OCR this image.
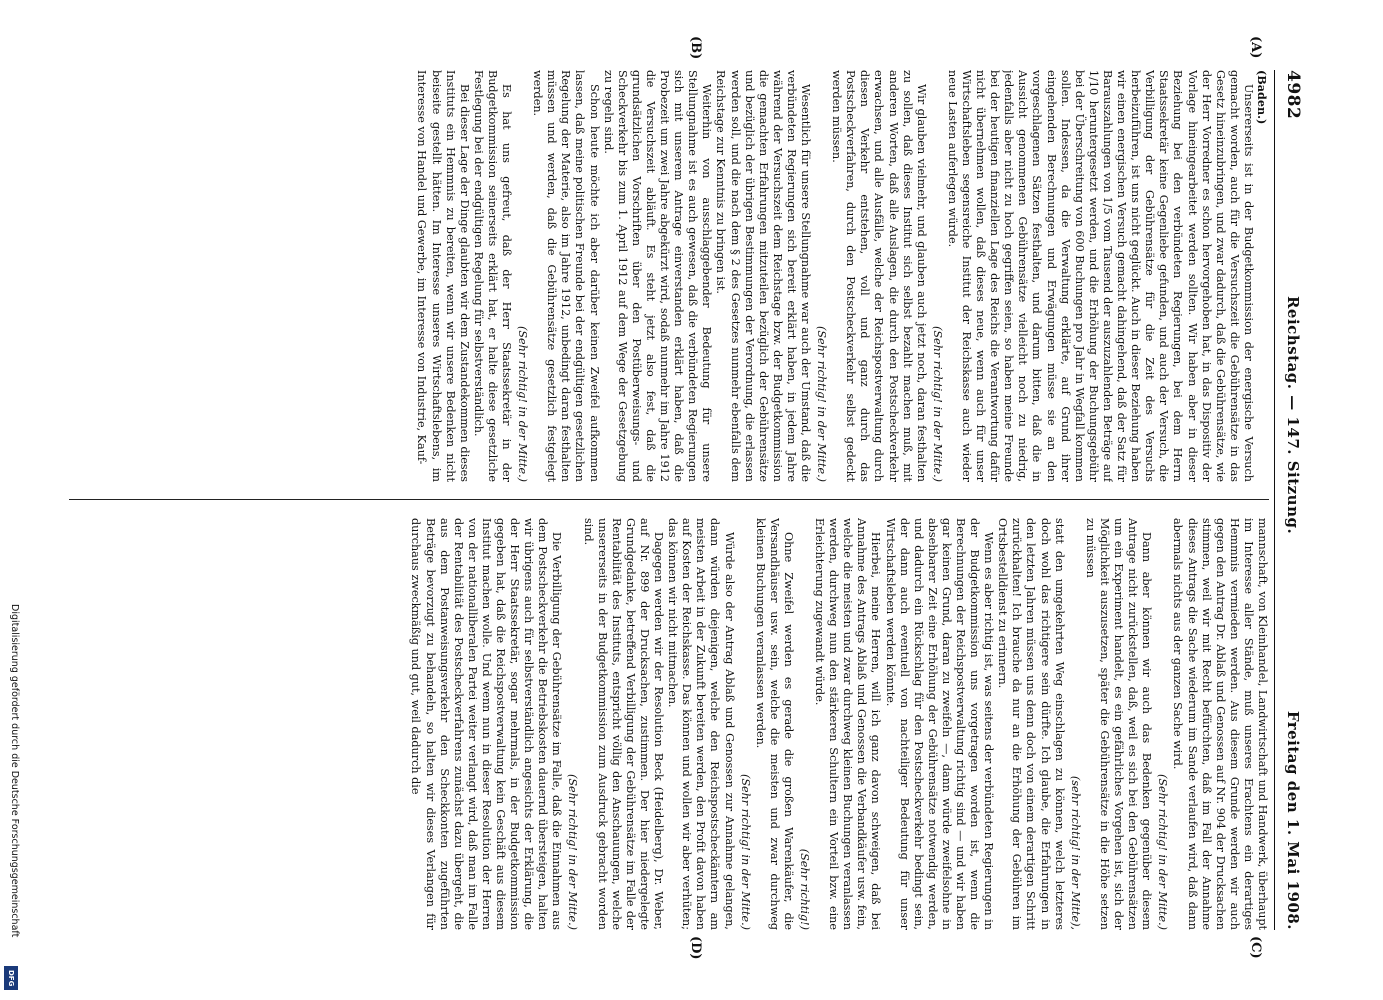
4982
Reichstag. — 147. Sitzung.
Freitag den 1. Mai 1908.
(A)
(B)
(C)
(D)

(Baden.)

Unsererseits ist in der Budgetkommission der energische Versuch gemacht worden, auch für die Versuchszeit die Gebührensätze in das Gesetz hineinzubringen, und zwar dadurch, daß die Gebührensätze, wie der Herr Vorredner es schon hervorgehoben hat, in das Dispositiv der Vorlage hineingearbeitet werden sollten. Wir haben aber in dieser Beziehung bei den verbündeten Regierungen, bei dem Herrn Staatssekretär keine Gegenliebe gefunden, und auch der Versuch, die Verbilligung der Gebührensätze für die Zeit des Versuchs herbeizuführen, ist uns nicht geglückt. Auch in dieser Beziehung haben wir einen energischen Versuch gemacht dahingehend, daß der Satz für Barauszahlungen von 1/5 vom Tausend der auszuzahlenden Beträge auf 1/10 heruntergesetzt werden, und die Erhöhung der Buchungsgebühr bei der Überschreitung von 600 Buchungen pro Jahr in Wegfall kommen sollen. Indessen, da die Verwaltung erklärte, auf Grund ihrer eingehenden Berechnungen und Erwägungen müsse sie an den vorgeschlagenen Sätzen festhalten, und darum bitten, daß die in Aussicht genommenen Gebührensätze vielleicht noch zu niedrig, jedenfalls aber nicht zu hoch gegriffen seien, so haben meine Freunde bei der heutigen finanziellen Lage des Reichs die Verantwortung dafür nicht übernehmen wollen, daß dieses neue, wenn auch für unser Wirtschaftsleben segensreiche Institut der Reichskasse auch wieder neue Lasten auferlegen würde.

(Sehr richtig! in der Mitte.)

Wir glauben vielmehr, und glauben auch jetzt noch, daran festhalten zu sollen, daß dieses Institut sich selbst bezahlt machen muß, mit anderen Worten, daß alle Auslagen, die durch den Postscheckverkehr erwachsen, und alle Ausfälle, welche der Reichspostverwaltung durch diesen Verkehr entstehen, voll und ganz durch das Postscheckverfahren, durch den Postscheckverkehr selbst gedeckt werden müssen.

(Sehr richtig! in der Mitte.)

Wesentlich für unsere Stellungnahme war auch der Umstand, daß die verbündeten Regierungen sich bereit erklärt haben, in jedem Jahre während der Versuchszeit dem Reichstage bzw. der Budgetkommission die gemachten Erfahrungen mitzuteilen bezüglich der Gebührensätze und bezüglich der übrigen Bestimmungen der Verordnung, die erlassen werden soll, und die nach dem § 2 des Gesetzes nunmehr ebenfalls dem Reichstage zur Kenntnis zu bringen ist.

Weiterhin von ausschlaggebender Bedeutung für unsere Stellungnahme ist es auch gewesen, daß die verbündeten Regierungen sich mit unserem Antrage einverstanden erklärt haben, daß die Probezeit um zwei Jahre abgekürzt wird, sodaß nunmehr im Jahre 1912 die Versuchszeit abläuft. Es steht jetzt also fest, daß die grundsätzlichen Vorschriften über den Postüberweisungs- und Scheckverkehr bis zum 1. April 1912 auf dem Wege der Gesetzgebung zu regeln sind.

Schon heute möchte ich aber darüber keinen Zweifel aufkommen lassen, daß meine politischen Freunde bei der endgültigen gesetzlichen Regelung der Materie, also im Jahre 1912, unbedingt daran festhalten müssen und werden, daß die Gebührensätze gesetzlich festgelegt werden.

(Sehr richtig! in der Mitte.)

Es hat uns gefreut, daß der Herr Staatssekretär in der Budgetkommission seinerseits erklärt hat, er halte diese gesetzliche Festlegung bei der endgültigen Regelung für selbstverständlich.

Bei dieser Lage der Dinge glaubten wir dem Zustandekommen dieses Instituts ein Hemmnis zu bereiten, wenn wir unsere Bedenken nicht beiseite gestellt hätten. Im Interesse unseres Wirtschaftslebens, im Interesse von Handel und Gewerbe, im Interesse von Industrie, Kauf-

mannschaft, von Kleinhandel, Landwirtschaft und Handwerk, überhaupt im Interesse aller Stände, muß unseres Erachtens ein derartiges Hemmnis vermieden werden. Aus diesem Grunde werden wir auch gegen den Antrag Dr. Ablaß und Genossen auf Nr. 904 der Drucksachen stimmen, weil wir mit Recht befürchten, daß im Fall der Annahme dieses Antrags die Sache wiederum im Sande verlaufen wird, daß dann abermals nichts aus der ganzen Sache wird.

(Sehr richtig! in der Mitte.)

Dann aber können wir auch das Bedenken gegenüber diesem Antrage nicht zurückstellen, daß, weil es sich bei den Gebührensätzen um ein Experiment handelt, es ein gefährliches Vorgehen ist, sich der Möglichkeit auszusetzen, später die Gebührensätze in die Höhe setzen zu müssen

(sehr richtig! in der Mitte),

statt den umgekehrten Weg einschlagen zu können, welch letzteres doch wohl das richtigere sein dürfte. Ich glaube, die Erfahrungen in den letzten Jahren müssen uns denn doch von einem derartigen Schritt zurückhalten! Ich brauche da nur an die Erhöhung der Gebühren im Ortsbestelldienst zu erinnern.

Wenn es aber richtig ist, was seitens der verbündeten Regierungen in der Budgetkommission uns vorgetragen worden ist, wenn die Berechnungen der Reichspostverwaltung richtig sind — und wir haben gar keinen Grund, daran zu zweifeln —, dann würde zweifelsohne in absehbarer Zeit eine Erhöhung der Gebührensätze notwendig werden, und dadurch ein Rückschlag für den Postscheckverkehr bedingt sein, der dann auch eventuell von nachteiliger Bedeutung für unser Wirtschaftsleben werden könnte.

Hierbei, meine Herren, will ich ganz davon schweigen, daß bei Annahme des Antrags Ablaß und Genossen die Verbandkäufer usw. fein, welche die meisten und zwar durchweg kleinen Buchungen veranlassen werden, durchweg nun den stärkeren Schultern ein Vorteil bzw. eine Erleichterung zugewandt würde.

(Sehr richtig!)

Ohne Zweifel werden es gerade die großen Warenkäufer, die Versandhäuser usw. sein, welche die meisten und zwar durchweg kleinen Buchungen veranlassen werden.

(Sehr richtig! in der Mitte.)

Würde also der Antrag Ablaß und Genossen zur Annahme gelangen, dann würden diejenigen, welche den Reichspostscheckämtern am meisten Arbeit in der Zukunft bereiten werden, den Profit davon haben auf Kosten der Reichskasse. Das können und wollen wir aber verhüten; das können wir nicht mitmachen.

Dagegen werden wir der Resolution Beck (Heidelberg), Dr. Weber, auf Nr. 899 der Drucksachen, zustimmen. Der hier niedergelegte Grundgedanke, betreffend Verbilligung der Gebührensätze im Falle der Rentabilität des Instituts, entspricht völlig den Anschauungen, welche unsererseits in der Budgetkommission zum Ausdruck gebracht worden sind.

(Sehr richtig! in der Mitte.)

Die Verbilligung der Gebührensätze im Falle, daß die Einnahmen aus dem Postscheckverkehr die Betriebskosten dauernd übersteigen, halten wir übrigens auch für selbstverständlich angesichts der Erklärung, die der Herr Staatssekretär, sogar mehrmals, in der Budgetkommission gegeben hat, daß die Reichspostverwaltung kein Geschäft aus diesem Institut machen wolle. Und wenn nun in dieser Resolution der Herren von der nationalliberalen Partei weiter verlangt wird, daß man im Falle der Rentabilität des Postscheckverfahrens zunächst dazu übergeht, die aus dem Postanweisungsverkehr den Scheckkonten zugeführten Beträge bevorzugt zu behandeln, so halten wir dieses Verlangen für durchaus zweckmäßig und gut, weil dadurch die

Digitalisierung gefördert durch die Deutsche Forschungsgemeinschaft
DFG
